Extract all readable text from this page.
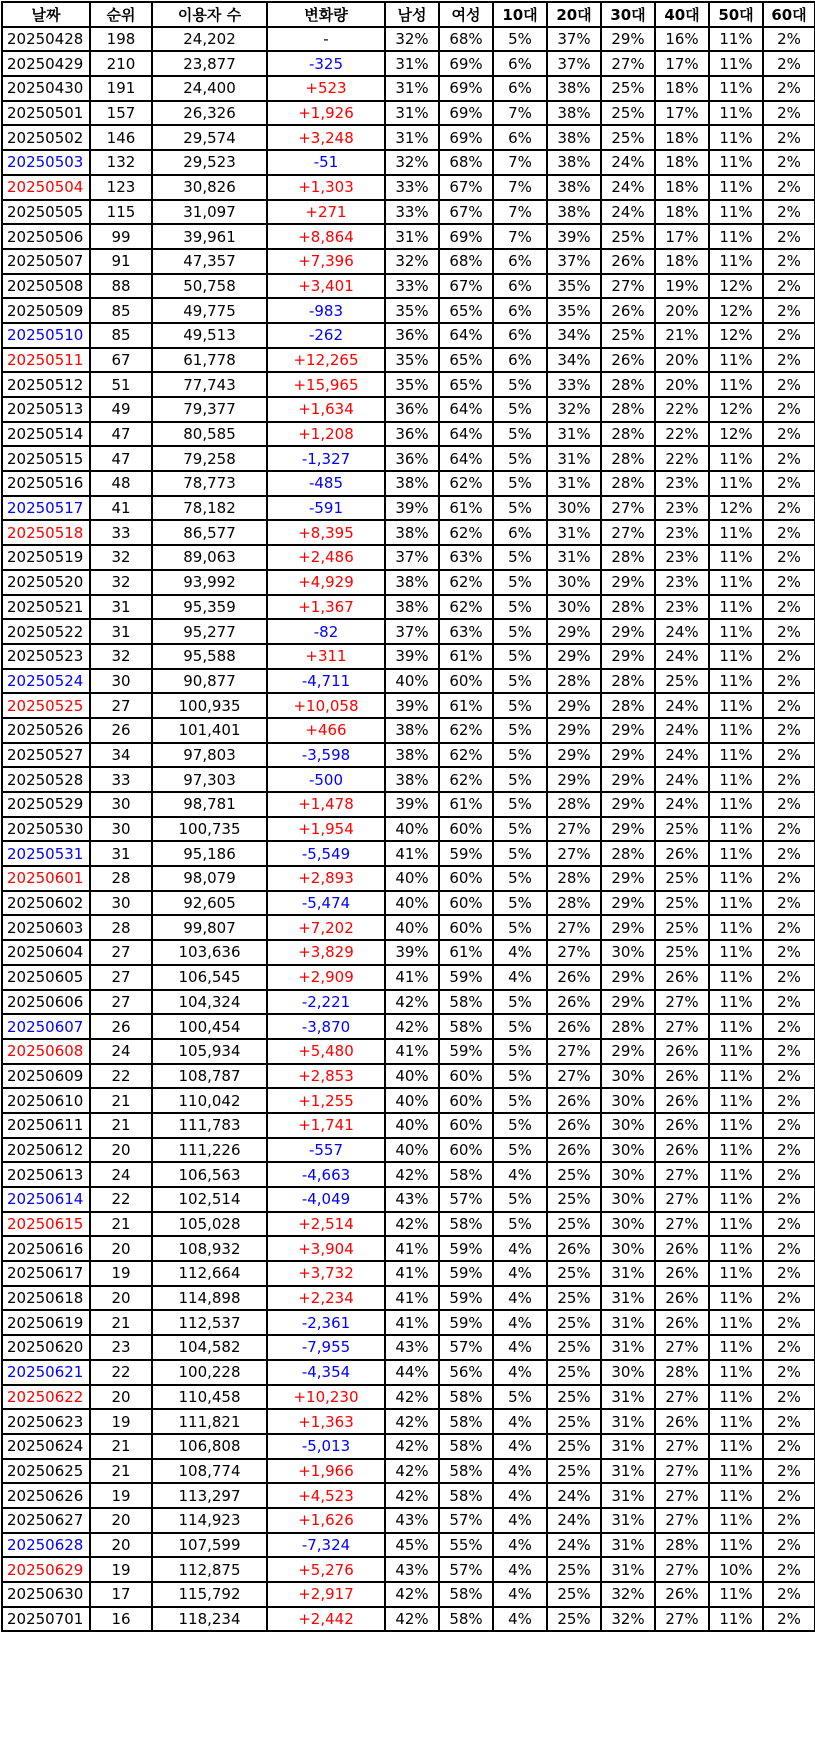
날짜	순위	이용자 수	변화량	남성	여성	10대	20대	30대	40대	50대	60대
20250428	198	24,202	-	32%	68%	5%	37%	29%	16%	11%	2%
20250429	210	23,877	-325	31%	69%	6%	37%	27%	17%	11%	2%
20250430	191	24,400	+523	31%	69%	6%	38%	25%	18%	11%	2%
20250501	157	26,326	+1,926	31%	69%	7%	38%	25%	17%	11%	2%
20250502	146	29,574	+3,248	31%	69%	6%	38%	25%	18%	11%	2%
20250503	132	29,523	-51	32%	68%	7%	38%	24%	18%	11%	2%
20250504	123	30,826	+1,303	33%	67%	7%	38%	24%	18%	11%	2%
20250505	115	31,097	+271	33%	67%	7%	38%	24%	18%	11%	2%
20250506	99	39,961	+8,864	31%	69%	7%	39%	25%	17%	11%	2%
20250507	91	47,357	+7,396	32%	68%	6%	37%	26%	18%	11%	2%
20250508	88	50,758	+3,401	33%	67%	6%	35%	27%	19%	12%	2%
20250509	85	49,775	-983	35%	65%	6%	35%	26%	20%	12%	2%
20250510	85	49,513	-262	36%	64%	6%	34%	25%	21%	12%	2%
20250511	67	61,778	+12,265	35%	65%	6%	34%	26%	20%	11%	2%
20250512	51	77,743	+15,965	35%	65%	5%	33%	28%	20%	11%	2%
20250513	49	79,377	+1,634	36%	64%	5%	32%	28%	22%	12%	2%
20250514	47	80,585	+1,208	36%	64%	5%	31%	28%	22%	12%	2%
20250515	47	79,258	-1,327	36%	64%	5%	31%	28%	22%	11%	2%
20250516	48	78,773	-485	38%	62%	5%	31%	28%	23%	11%	2%
20250517	41	78,182	-591	39%	61%	5%	30%	27%	23%	12%	2%
20250518	33	86,577	+8,395	38%	62%	6%	31%	27%	23%	11%	2%
20250519	32	89,063	+2,486	37%	63%	5%	31%	28%	23%	11%	2%
20250520	32	93,992	+4,929	38%	62%	5%	30%	29%	23%	11%	2%
20250521	31	95,359	+1,367	38%	62%	5%	30%	28%	23%	11%	2%
20250522	31	95,277	-82	37%	63%	5%	29%	29%	24%	11%	2%
20250523	32	95,588	+311	39%	61%	5%	29%	29%	24%	11%	2%
20250524	30	90,877	-4,711	40%	60%	5%	28%	28%	25%	11%	2%
20250525	27	100,935	+10,058	39%	61%	5%	29%	28%	24%	11%	2%
20250526	26	101,401	+466	38%	62%	5%	29%	29%	24%	11%	2%
20250527	34	97,803	-3,598	38%	62%	5%	29%	29%	24%	11%	2%
20250528	33	97,303	-500	38%	62%	5%	29%	29%	24%	11%	2%
20250529	30	98,781	+1,478	39%	61%	5%	28%	29%	24%	11%	2%
20250530	30	100,735	+1,954	40%	60%	5%	27%	29%	25%	11%	2%
20250531	31	95,186	-5,549	41%	59%	5%	27%	28%	26%	11%	2%
20250601	28	98,079	+2,893	40%	60%	5%	28%	29%	25%	11%	2%
20250602	30	92,605	-5,474	40%	60%	5%	28%	29%	25%	11%	2%
20250603	28	99,807	+7,202	40%	60%	5%	27%	29%	25%	11%	2%
20250604	27	103,636	+3,829	39%	61%	4%	27%	30%	25%	11%	2%
20250605	27	106,545	+2,909	41%	59%	4%	26%	29%	26%	11%	2%
20250606	27	104,324	-2,221	42%	58%	5%	26%	29%	27%	11%	2%
20250607	26	100,454	-3,870	42%	58%	5%	26%	28%	27%	11%	2%
20250608	24	105,934	+5,480	41%	59%	5%	27%	29%	26%	11%	2%
20250609	22	108,787	+2,853	40%	60%	5%	27%	30%	26%	11%	2%
20250610	21	110,042	+1,255	40%	60%	5%	26%	30%	26%	11%	2%
20250611	21	111,783	+1,741	40%	60%	5%	26%	30%	26%	11%	2%
20250612	20	111,226	-557	40%	60%	5%	26%	30%	26%	11%	2%
20250613	24	106,563	-4,663	42%	58%	4%	25%	30%	27%	11%	2%
20250614	22	102,514	-4,049	43%	57%	5%	25%	30%	27%	11%	2%
20250615	21	105,028	+2,514	42%	58%	5%	25%	30%	27%	11%	2%
20250616	20	108,932	+3,904	41%	59%	4%	26%	30%	26%	11%	2%
20250617	19	112,664	+3,732	41%	59%	4%	25%	31%	26%	11%	2%
20250618	20	114,898	+2,234	41%	59%	4%	25%	31%	26%	11%	2%
20250619	21	112,537	-2,361	41%	59%	4%	25%	31%	26%	11%	2%
20250620	23	104,582	-7,955	43%	57%	4%	25%	31%	27%	11%	2%
20250621	22	100,228	-4,354	44%	56%	4%	25%	30%	28%	11%	2%
20250622	20	110,458	+10,230	42%	58%	5%	25%	31%	27%	11%	2%
20250623	19	111,821	+1,363	42%	58%	4%	25%	31%	26%	11%	2%
20250624	21	106,808	-5,013	42%	58%	4%	25%	31%	27%	11%	2%
20250625	21	108,774	+1,966	42%	58%	4%	25%	31%	27%	11%	2%
20250626	19	113,297	+4,523	42%	58%	4%	24%	31%	27%	11%	2%
20250627	20	114,923	+1,626	43%	57%	4%	24%	31%	27%	11%	2%
20250628	20	107,599	-7,324	45%	55%	4%	24%	31%	28%	11%	2%
20250629	19	112,875	+5,276	43%	57%	4%	25%	31%	27%	10%	2%
20250630	17	115,792	+2,917	42%	58%	4%	25%	32%	26%	11%	2%
20250701	16	118,234	+2,442	42%	58%	4%	25%	32%	27%	11%	2%
